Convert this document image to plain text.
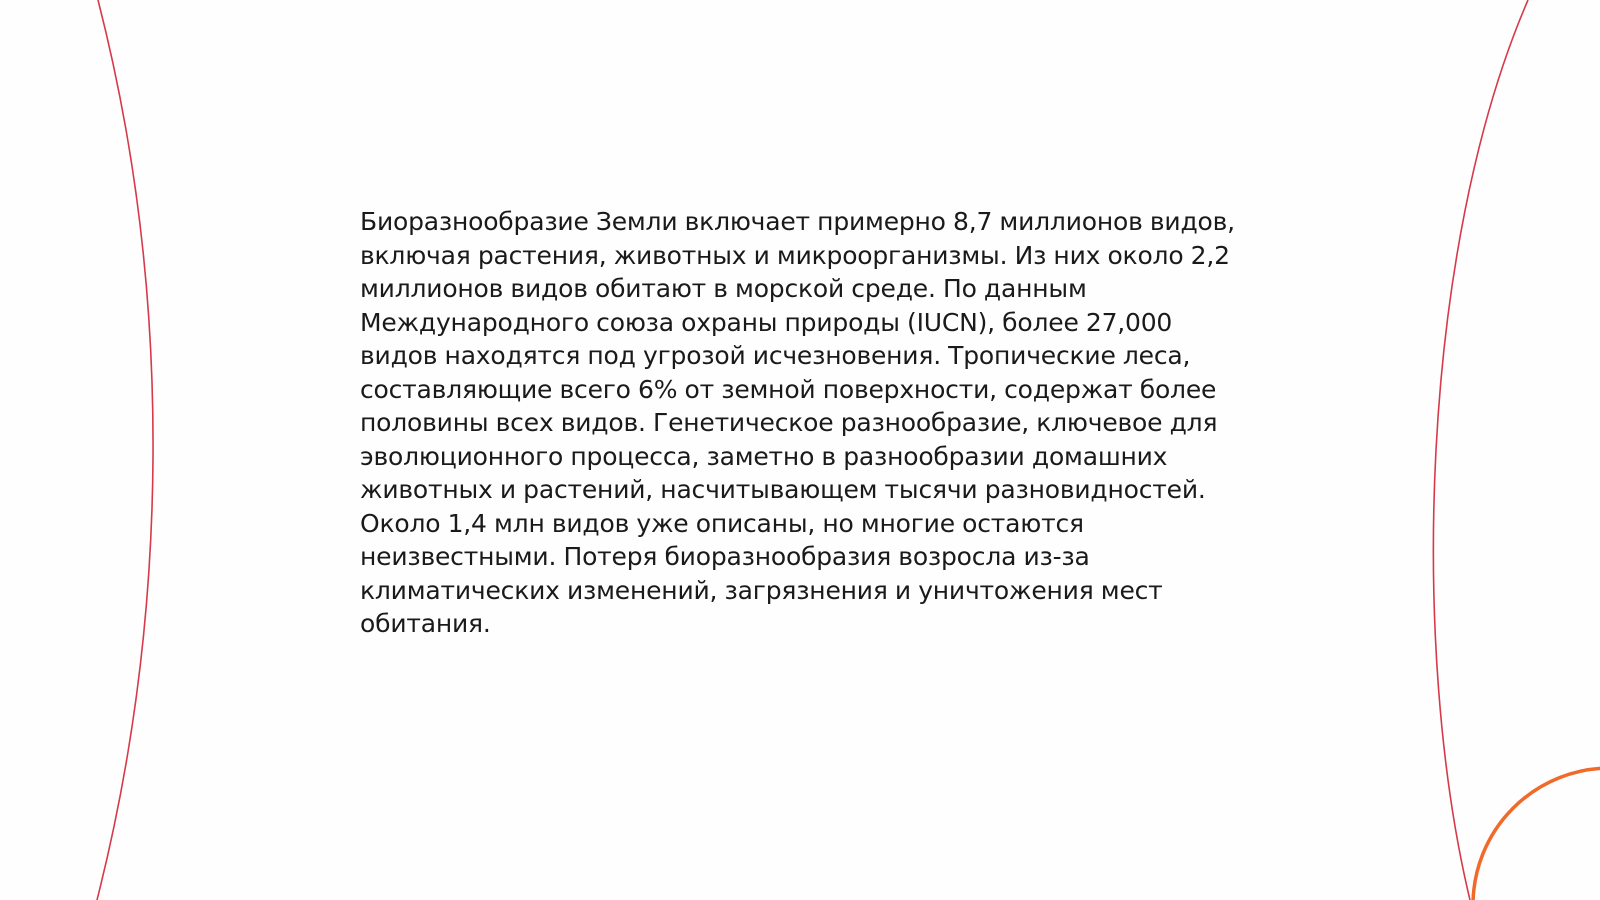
Биоразнообразие Земли включает примерно 8,7 миллионов видов, включая растения, животных и микроорганизмы. Из них около 2,2 миллионов видов обитают в морской среде. По данным Международного союза охраны природы (IUCN), более 27,000 видов находятся под угрозой исчезновения. Тропические леса, составляющие всего 6% от земной поверхности, содержат более половины всех видов. Генетическое разнообразие, ключевое для эволюционного процесса, заметно в разнообразии домашних животных и растений, насчитывающем тысячи разновидностей. Около 1,4 млн видов уже описаны, но многие остаются неизвестными. Потеря биоразнообразия возросла из-за климатических изменений, загрязнения и уничтожения мест обитания.
